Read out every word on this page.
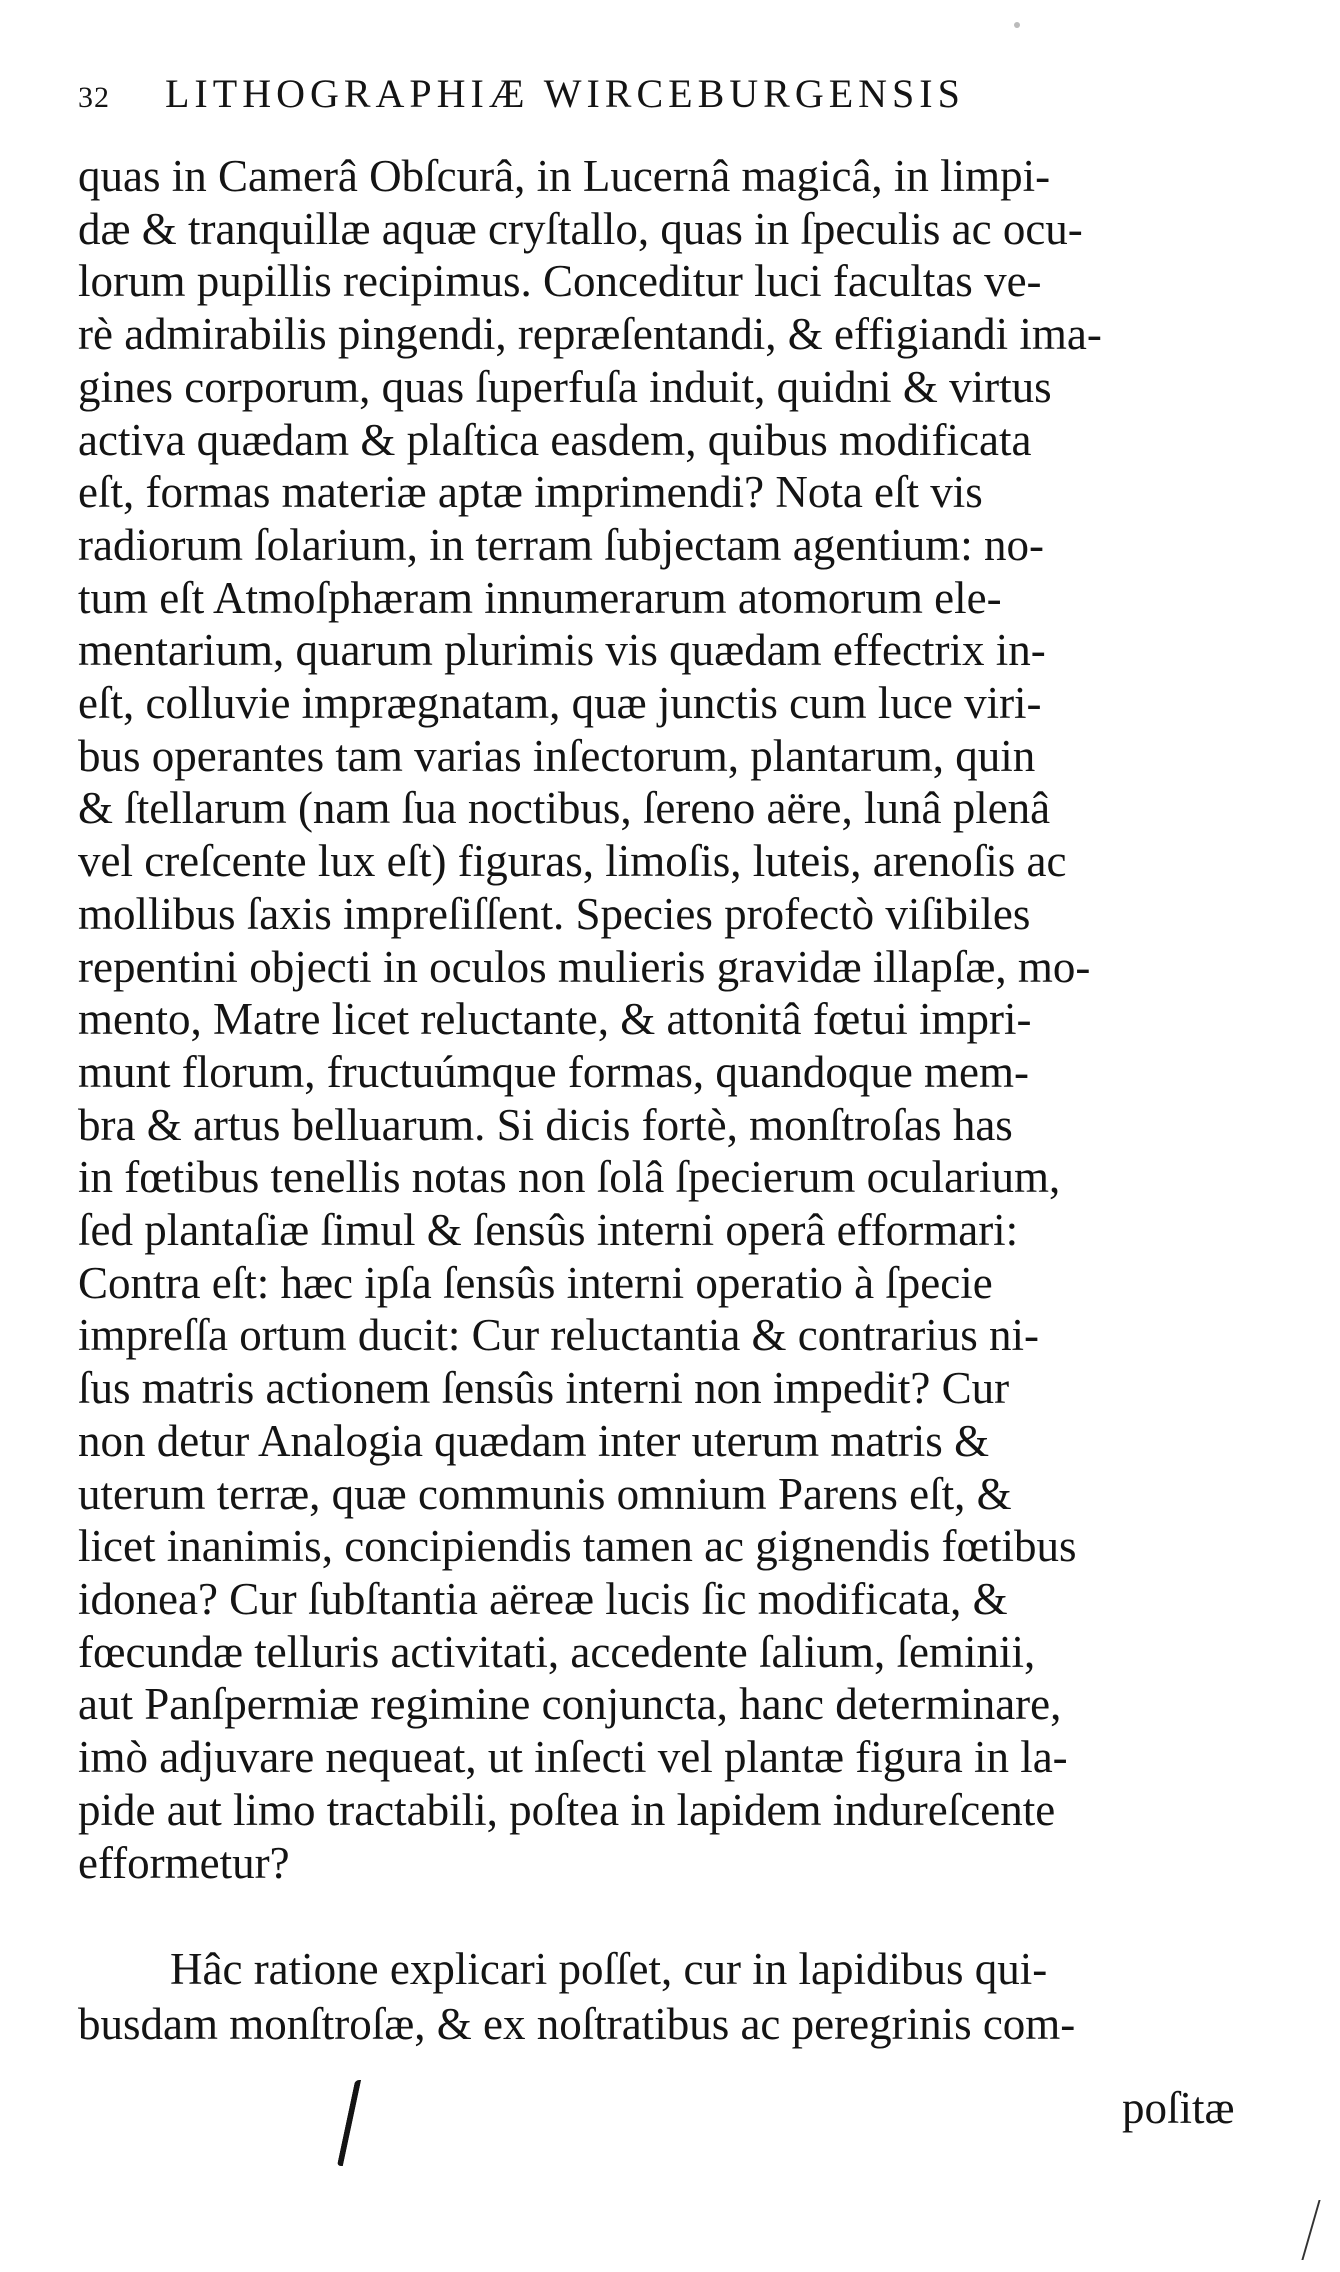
32 LITHOGRAPHIÆ WIRCEBURGENSIS
quas in Camerâ Obſcurâ, in Lucernâ magicâ, in limpi-
dæ & tranquillæ aquæ cryſtallo, quas in ſpeculis ac ocu-
lorum pupillis recipimus. Conceditur luci facultas ve-
rè admirabilis pingendi, repræſentandi, & effigiandi ima-
gines corporum, quas ſuperfuſa induit, quidni & virtus
activa quædam & plaſtica easdem, quibus modificata
eſt, formas materiæ aptæ imprimendi? Nota eſt vis
radiorum ſolarium, in terram ſubjectam agentium: no-
tum eſt Atmoſphæram innumerarum atomorum ele-
mentarium, quarum plurimis vis quædam effectrix in-
eſt, colluvie imprægnatam, quæ junctis cum luce viri-
bus operantes tam varias inſectorum, plantarum, quin
& ſtellarum (nam ſua noctibus, ſereno aëre, lunâ plenâ
vel creſcente lux eſt) figuras, limoſis, luteis, arenoſis ac
mollibus ſaxis impreſiſſent. Species profectò viſibiles
repentini objecti in oculos mulieris gravidæ illapſæ, mo-
mento, Matre licet reluctante, & attonitâ fœtui impri-
munt florum, fructuúmque formas, quandoque mem-
bra & artus belluarum. Si dicis fortè, monſtroſas has
in fœtibus tenellis notas non ſolâ ſpecierum ocularium,
ſed plantaſiæ ſimul & ſensûs interni operâ efformari:
Contra eſt: hæc ipſa ſensûs interni operatio à ſpecie
impreſſa ortum ducit: Cur reluctantia & contrarius ni-
ſus matris actionem ſensûs interni non impedit? Cur
non detur Analogia quædam inter uterum matris &
uterum terræ, quæ communis omnium Parens eſt, &
licet inanimis, concipiendis tamen ac gignendis fœtibus
idonea? Cur ſubſtantia aëreæ lucis ſic modificata, &
fœcundæ telluris activitati, accedente ſalium, ſeminii,
aut Panſpermiæ regimine conjuncta, hanc determinare,
imò adjuvare nequeat, ut inſecti vel plantæ figura in la-
pide aut limo tractabili, poſtea in lapidem indureſcente
efformetur?
Hâc ratione explicari poſſet, cur in lapidibus qui-
busdam monſtroſæ, & ex noſtratibus ac peregrinis com-
poſitæ
